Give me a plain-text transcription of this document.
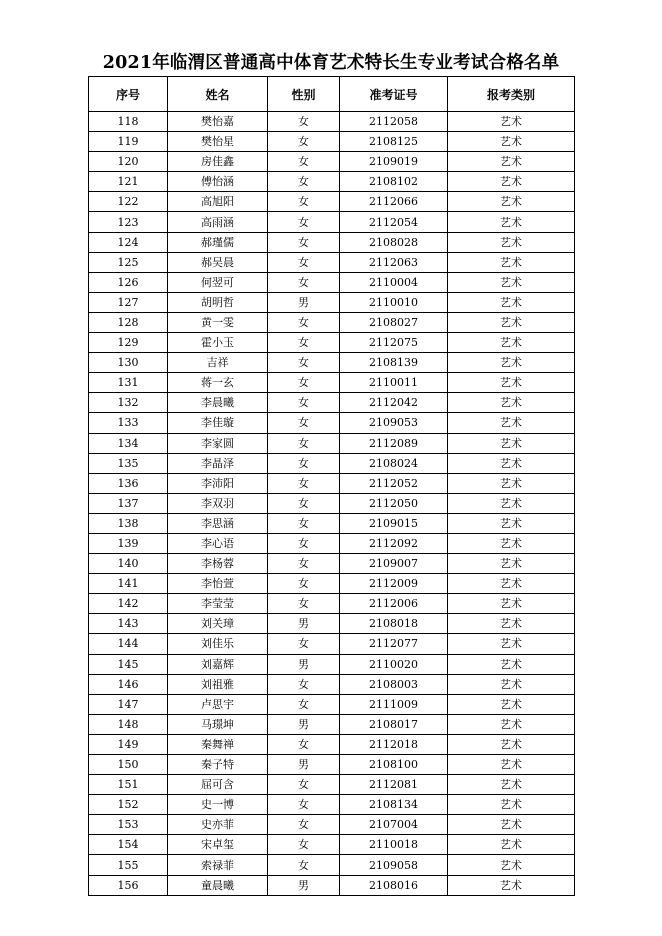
2021年临渭区普通高中体育艺术特长生专业考试合格名单
序号	姓名	性别	准考证号	报考类别
118	樊怡嘉	女	2112058	艺术
119	樊怡星	女	2108125	艺术
120	房佳鑫	女	2109019	艺术
121	傅怡涵	女	2108102	艺术
122	高旭阳	女	2112066	艺术
123	高雨涵	女	2112054	艺术
124	郝瑾儒	女	2108028	艺术
125	郝吴晨	女	2112063	艺术
126	何翌可	女	2110004	艺术
127	胡明哲	男	2110010	艺术
128	黄一雯	女	2108027	艺术
129	霍小玉	女	2112075	艺术
130	吉祥	女	2108139	艺术
131	蒋一玄	女	2110011	艺术
132	李晨曦	女	2112042	艺术
133	李佳璇	女	2109053	艺术
134	李家圆	女	2112089	艺术
135	李晶泽	女	2108024	艺术
136	李沛阳	女	2112052	艺术
137	李双羽	女	2112050	艺术
138	李思涵	女	2109015	艺术
139	李心语	女	2112092	艺术
140	李杨蓉	女	2109007	艺术
141	李怡萱	女	2112009	艺术
142	李莹莹	女	2112006	艺术
143	刘关璋	男	2108018	艺术
144	刘佳乐	女	2112077	艺术
145	刘嘉辉	男	2110020	艺术
146	刘祖雅	女	2108003	艺术
147	卢思宇	女	2111009	艺术
148	马璟坤	男	2108017	艺术
149	秦舞禅	女	2112018	艺术
150	秦子特	男	2108100	艺术
151	屈可含	女	2112081	艺术
152	史一博	女	2108134	艺术
153	史亦菲	女	2107004	艺术
154	宋卓玺	女	2110018	艺术
155	索禄菲	女	2109058	艺术
156	童晨曦	男	2108016	艺术
